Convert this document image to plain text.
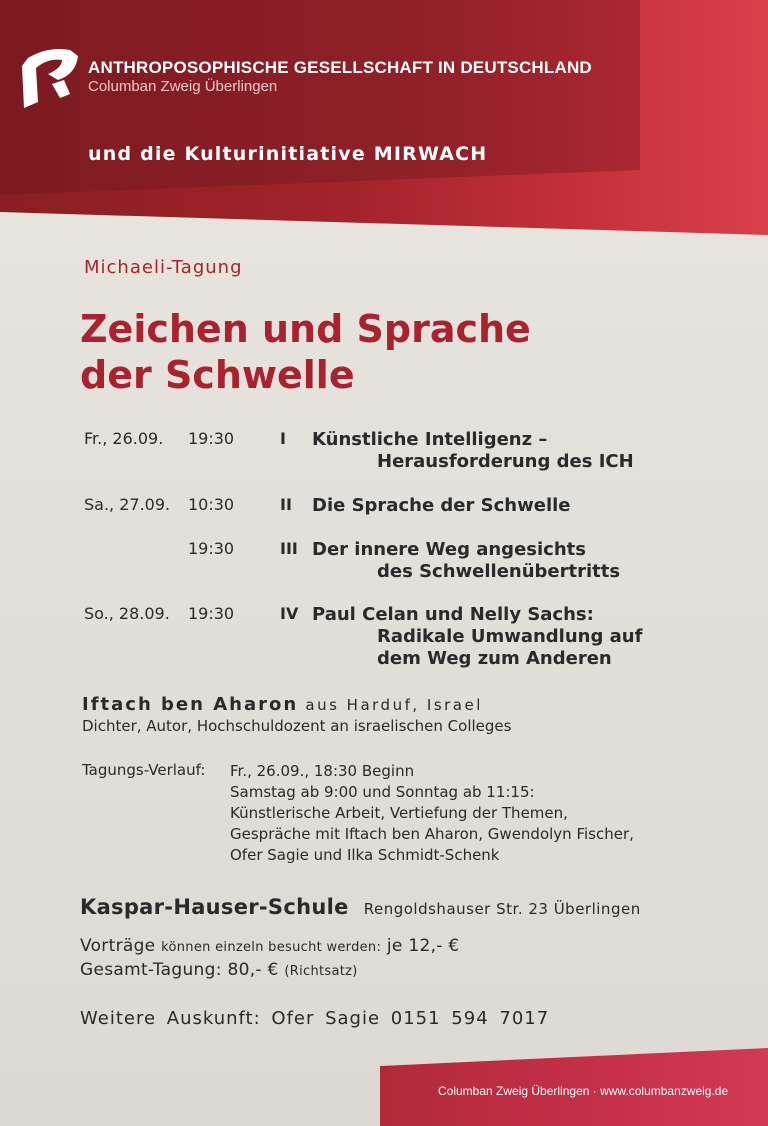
ANTHROPOSOPHISCHE GESELLSCHAFT IN DEUTSCHLAND
Columban Zweig Überlingen
und die Kulturinitiative MIRWACH
Michaeli-Tagung
Zeichen und Sprache
der Schwelle
Fr., 26.09. 19:30	I Künstliche Intelligenz –
Herausforderung des ICH
Sa., 27.09. 10:30	II Die Sprache der Schwelle
19:30	III Der innere Weg angesichts
des Schwellenübertritts
So., 28.09. 19:30	IV Paul Celan und Nelly Sachs:
Radikale Umwandlung auf
dem Weg zum Anderen
Iftach ben Aharon aus Harduf, Israel
Dichter, Autor, Hochschuldozent an israelischen Colleges
Tagungs-Verlauf: Fr., 26.09., 18:30 Beginn
Samstag ab 9:00 und Sonntag ab 11:15:
Künstlerische Arbeit, Vertiefung der Themen,
Gespräche mit Iftach ben Aharon, Gwendolyn Fischer,
Ofer Sagie und Ilka Schmidt-Schenk
Kaspar-Hauser-Schule Rengoldshauser Str. 23 Überlingen
Vorträge können einzeln besucht werden: je 12,- €
Gesamt-Tagung: 80,- € (Richtsatz)
Weitere Auskunft: Ofer Sagie 0151 594 7017
Columban Zweig Überlingen · www.columbanzweig.de
